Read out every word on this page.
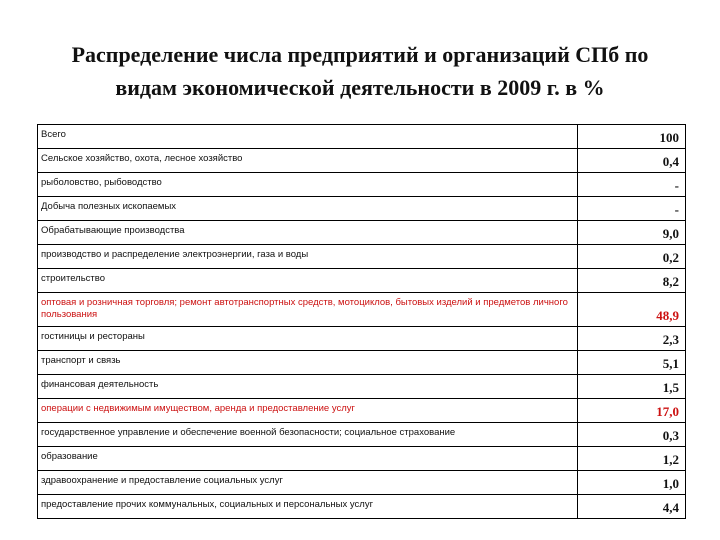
Распределение числа предприятий и организаций СПб по
видам экономической деятельности в 2009 г. в %
Всего	100
Сельское хозяйство, охота, лесное хозяйство	0,4
рыболовство, рыбоводство	-
Добыча полезных ископаемых	-
Обрабатывающие производства	9,0
производство и распределение электроэнергии, газа и воды	0,2
строительство	8,2
оптовая и розничная торговля; ремонт автотранспортных средств, мотоциклов, бытовых изделий и предметов личного пользования	48,9
гостиницы и рестораны	2,3
транспорт и связь	5,1
финансовая деятельность	1,5
операции с недвижимым имуществом, аренда и предоставление услуг	17,0
государственное управление и обеспечение военной безопасности; социальное страхование	0,3
образование	1,2
здравоохранение и предоставление социальных услуг	1,0
предоставление прочих коммунальных, социальных и персональных услуг	4,4
